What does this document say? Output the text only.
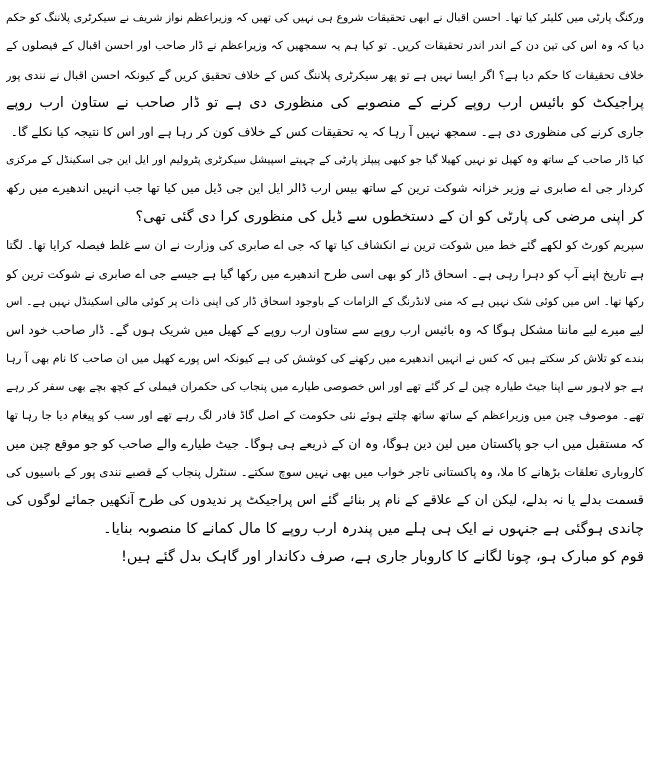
ورکنگ پارٹی میں کلیئر کیا تھا۔ احسن اقبال نے ابھی تحقیقات شروع ہی نہیں کی تھیں کہ وزیراعظم نواز شریف نے سیکرٹری پلاننگ کو حکم
دیا کہ وہ اس کی تین دن کے اندر اندر تحقیقات کریں۔ تو کیا ہم یہ سمجھیں کہ وزیراعظم نے ڈار صاحب اور احسن اقبال کے فیصلوں کے
خلاف تحقیقات کا حکم دیا ہے؟ اگر ایسا نہیں ہے تو پھر سیکرٹری پلاننگ کس کے خلاف تحقیق کریں گے کیونکہ احسن اقبال نے نندی پور
پراجیکٹ کو بائیس ارب روپے کرنے کے منصوبے کی منظوری دی ہے تو ڈار صاحب نے ستاون ارب روپے
جاری کرنے کی منظوری دی ہے۔ سمجھ نہیں آ رہا کہ یہ تحقیقات کس کے خلاف کون کر رہا ہے اور اس کا نتیجہ کیا نکلے گا۔
کیا ڈار صاحب کے ساتھ وہ کھیل تو نہیں کھیلا گیا جو کبھی پیپلز پارٹی کے چہیتے اسپیشل سیکرٹری پٹرولیم اور ایل این جی اسکینڈل کے مرکزی
کردار جی اے صابری نے وزیر خزانہ شوکت ترین کے ساتھ بیس ارب ڈالر ایل این جی ڈیل میں کیا تھا جب انہیں اندھیرے میں رکھ
کر اپنی مرضی کی پارٹی کو ان کے دستخطوں سے ڈیل کی منظوری کرا دی گئی تھی؟
سپریم کورٹ کو لکھے گئے خط میں شوکت ترین نے انکشاف کیا تھا کہ جی اے صابری کی وزارت نے ان سے غلط فیصلہ کرایا تھا۔ لگتا
ہے تاریخ اپنے آپ کو دہرا رہی ہے۔ اسحاق ڈار کو بھی اسی طرح اندھیرے میں رکھا گیا ہے جیسے جی اے صابری نے شوکت ترین کو
رکھا تھا۔ اس میں کوئی شک نہیں ہے کہ منی لانڈرنگ کے الزامات کے باوجود اسحاق ڈار کی اپنی ذات پر کوئی مالی اسکینڈل نہیں ہے۔ اس
لیے میرے لیے ماننا مشکل ہوگا کہ وہ بائیس ارب روپے سے ستاون ارب روپے کے کھیل میں شریک ہوں گے۔ ڈار صاحب خود اس
بندے کو تلاش کر سکتے ہیں کہ کس نے انہیں اندھیرے میں رکھنے کی کوشش کی ہے کیونکہ اس پورے کھیل میں ان صاحب کا نام بھی آ رہا
ہے جو لاہور سے اپنا جیٹ طیارہ چین لے کر گئے تھے اور اس خصوصی طیارے میں پنجاب کی حکمران فیملی کے کچھ بچے بھی سفر کر رہے
تھے۔ موصوف چین میں وزیراعظم کے ساتھ ساتھ چلتے ہوئے نئی حکومت کے اصل گاڈ فادر لگ رہے تھے اور سب کو پیغام دیا جا رہا تھا
کہ مستقبل میں اب جو پاکستان میں لین دین ہوگا، وہ ان کے ذریعے ہی ہوگا۔ جیٹ طیارے والے صاحب کو جو موقع چین میں
کاروباری تعلقات بڑھانے کا ملا، وہ پاکستانی تاجر خواب میں بھی نہیں سوچ سکتے۔ سنٹرل پنجاب کے قصبے نندی پور کے باسیوں کی
قسمت بدلے یا نہ بدلے، لیکن ان کے علاقے کے نام پر بنائے گئے اس پراجیکٹ پر ندیدوں کی طرح آنکھیں جمائے لوگوں کی
چاندی ہوگئی ہے جنہوں نے ایک ہی ہلے میں پندرہ ارب روپے کا مال کمانے کا منصوبہ بنایا۔
قوم کو مبارک ہو، چونا لگانے کا کاروبار جاری ہے، صرف دکاندار اور گاہک بدل گئے ہیں!
